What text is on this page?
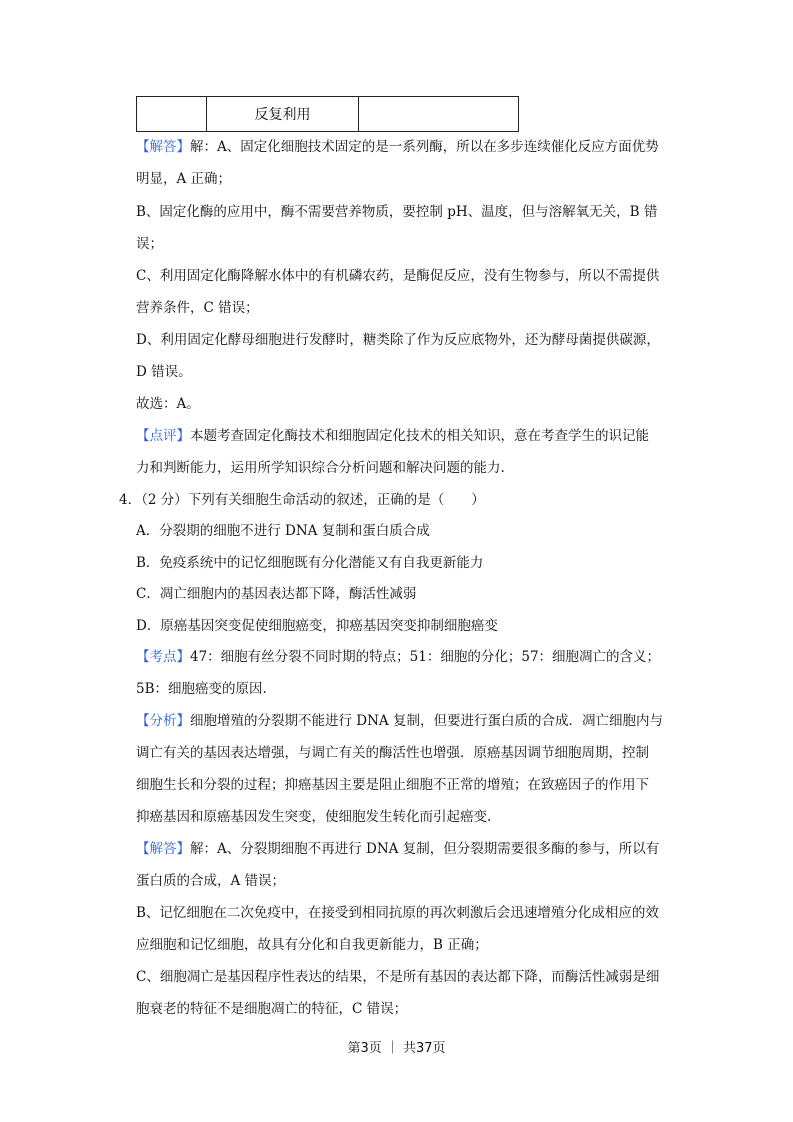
	反复利用	
【解答】解：A、固定化细胞技术固定的是一系列酶，所以在多步连续催化反应方面优势
明显，A 正确；
B、固定化酶的应用中，酶不需要营养物质，要控制 pH、温度，但与溶解氧无关，B 错
误；
C、利用固定化酶降解水体中的有机磷农药，是酶促反应，没有生物参与，所以不需提供
营养条件，C 错误；
D、利用固定化酵母细胞进行发酵时，糖类除了作为反应底物外，还为酵母菌提供碳源，
D 错误。
故选：A。
【点评】本题考查固定化酶技术和细胞固定化技术的相关知识，意在考查学生的识记能
力和判断能力，运用所学知识综合分析问题和解决问题的能力.
4．（2 分）下列有关细胞生命活动的叙述，正确的是（　　）
A．分裂期的细胞不进行 DNA 复制和蛋白质合成
B．免疫系统中的记忆细胞既有分化潜能又有自我更新能力
C．凋亡细胞内的基因表达都下降，酶活性减弱
D．原癌基因突变促使细胞癌变，抑癌基因突变抑制细胞癌变
【考点】47：细胞有丝分裂不同时期的特点；51：细胞的分化；57：细胞凋亡的含义；
5B：细胞癌变的原因.
【分析】细胞增殖的分裂期不能进行 DNA 复制，但要进行蛋白质的合成．凋亡细胞内与
调亡有关的基因表达增强，与调亡有关的酶活性也增强．原癌基因调节细胞周期，控制
细胞生长和分裂的过程；抑癌基因主要是阻止细胞不正常的增殖；在致癌因子的作用下
抑癌基因和原癌基因发生突变，使细胞发生转化而引起癌变.
【解答】解：A、分裂期细胞不再进行 DNA 复制，但分裂期需要很多酶的参与，所以有
蛋白质的合成，A 错误；
B、记忆细胞在二次免疫中，在接受到相同抗原的再次刺激后会迅速增殖分化成相应的效
应细胞和记忆细胞，故具有分化和自我更新能力，B 正确；
C、细胞凋亡是基因程序性表达的结果，不是所有基因的表达都下降，而酶活性减弱是细
胞衰老的特征不是细胞凋亡的特征，C 错误；
第3页 ｜ 共37页
